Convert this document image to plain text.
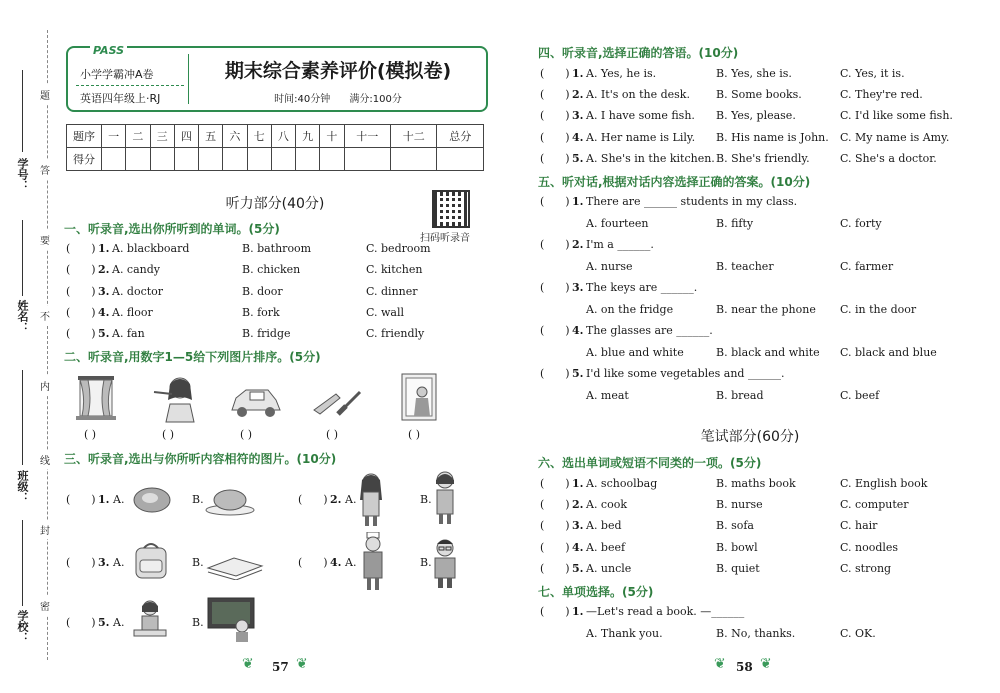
学号：
姓名：
班级：
学校：
题
答
要
不
内
线
封
密
PASS
小学学霸冲A卷
英语四年级上·RJ
期末综合素养评价(模拟卷)
时间:40分钟 满分:100分
题序	一	二	三	四	五	六	七	八	九	十	十一	十二	总分
得分													
听力部分(40分)
扫码听录音
一、听录音,选出你所听到的单词。(5分)
(      ) 1. A. blackboard	B. bathroom	C. bedroom
(      ) 2. A. candy	B. chicken	C. kitchen
(      ) 3. A. doctor	B. door	C. dinner
(      ) 4. A. floor	B. fork	C. wall
(      ) 5. A. fan	B. fridge	C. friendly
二、听录音,用数字1—5给下列图片排序。(5分)
( )	( )	( )	( )	( )
三、听录音,选出与你所听内容相符的图片。(10分)
(      ) 1. A.	B.	(      ) 2. A.	B.
(      ) 3. A.	B.	(      ) 4. A.	B.
(      ) 5. A.	B.
❦ 57 ❦
四、听录音,选择正确的答语。(10分)
(      ) 1. A. Yes, he is.	B. Yes, she is.	C. Yes, it is.
(      ) 2. A. It's on the desk. B. Some books.	C. They're red.
(      ) 3. A. I have some fish. B. Yes, please.	C. I'd like some fish.
(      ) 4. A. Her name is Lily. B. His name is John. C. My name is Amy.
(      ) 5. A. She's in the kitchen. B. She's friendly.	C. She's a doctor.
五、听对话,根据对话内容选择正确的答案。(10分)
(      ) 1. There are ______ students in my class.
A. fourteen	B. fifty	C. forty
(      ) 2. I'm a ______.
A. nurse	B. teacher	C. farmer
(      ) 3. The keys are ______.
A. on the fridge	B. near the phone C. in the door
(      ) 4. The glasses are ______.
A. blue and white	B. black and white C. black and blue
(      ) 5. I'd like some vegetables and ______.
A. meat	B. bread	C. beef
笔试部分(60分)
六、选出单词或短语不同类的一项。(5分)
(      ) 1. A. schoolbag	B. maths book	C. English book
(      ) 2. A. cook	B. nurse	C. computer
(      ) 3. A. bed	B. sofa	C. hair
(      ) 4. A. beef	B. bowl	C. noodles
(      ) 5. A. uncle	B. quiet	C. strong
七、单项选择。(5分)
(      ) 1. —Let's read a book. —______
A. Thank you.	B. No, thanks.	C. OK.
❦ 58 ❦
